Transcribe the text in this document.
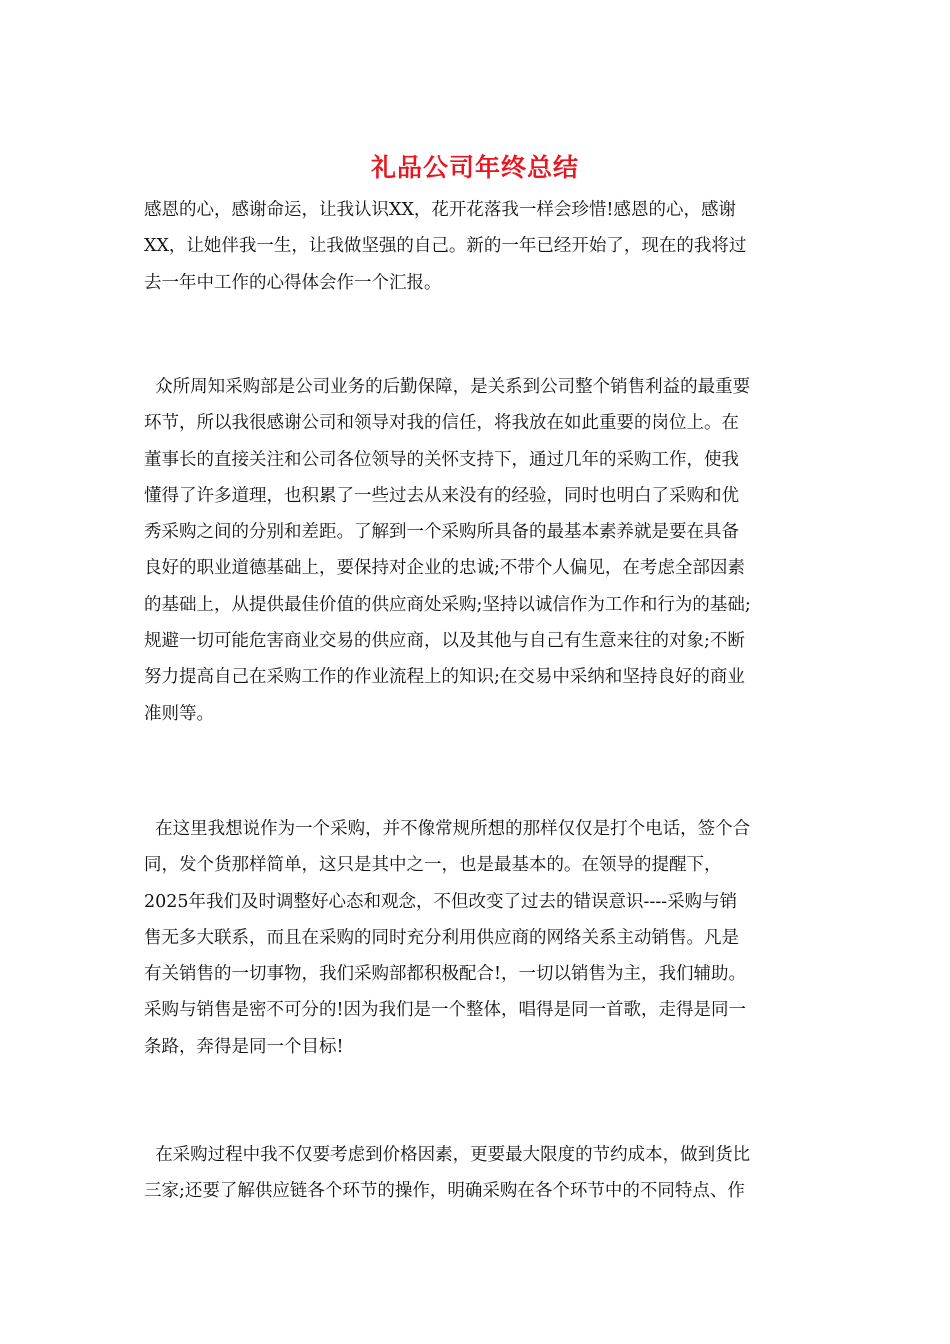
礼品公司年终总结

感恩的心，感谢命运，让我认识XX，花开花落我一样会珍惜!感恩的心，感谢
XX，让她伴我一生，让我做坚强的自己。新的一年已经开始了，现在的我将过
去一年中工作的心得体会作一个汇报。

众所周知采购部是公司业务的后勤保障，是关系到公司整个销售利益的最重要
环节，所以我很感谢公司和领导对我的信任，将我放在如此重要的岗位上。在
董事长的直接关注和公司各位领导的关怀支持下，通过几年的采购工作，使我
懂得了许多道理，也积累了一些过去从来没有的经验，同时也明白了采购和优
秀采购之间的分别和差距。了解到一个采购所具备的最基本素养就是要在具备
良好的职业道德基础上，要保持对企业的忠诚;不带个人偏见，在考虑全部因素
的基础上，从提供最佳价值的供应商处采购;坚持以诚信作为工作和行为的基础;
规避一切可能危害商业交易的供应商，以及其他与自己有生意来往的对象;不断
努力提高自己在采购工作的作业流程上的知识;在交易中采纳和坚持良好的商业
准则等。

在这里我想说作为一个采购，并不像常规所想的那样仅仅是打个电话，签个合
同，发个货那样简单，这只是其中之一，也是最基本的。在领导的提醒下，
2025年我们及时调整好心态和观念，不但改变了过去的错误意识----采购与销
售无多大联系，而且在采购的同时充分利用供应商的网络关系主动销售。凡是
有关销售的一切事物，我们采购部都积极配合!，一切以销售为主，我们辅助。
采购与销售是密不可分的!因为我们是一个整体，唱得是同一首歌，走得是同一
条路，奔得是同一个目标!

在采购过程中我不仅要考虑到价格因素，更要最大限度的节约成本，做到货比
三家;还要了解供应链各个环节的操作，明确采购在各个环节中的不同特点、作
